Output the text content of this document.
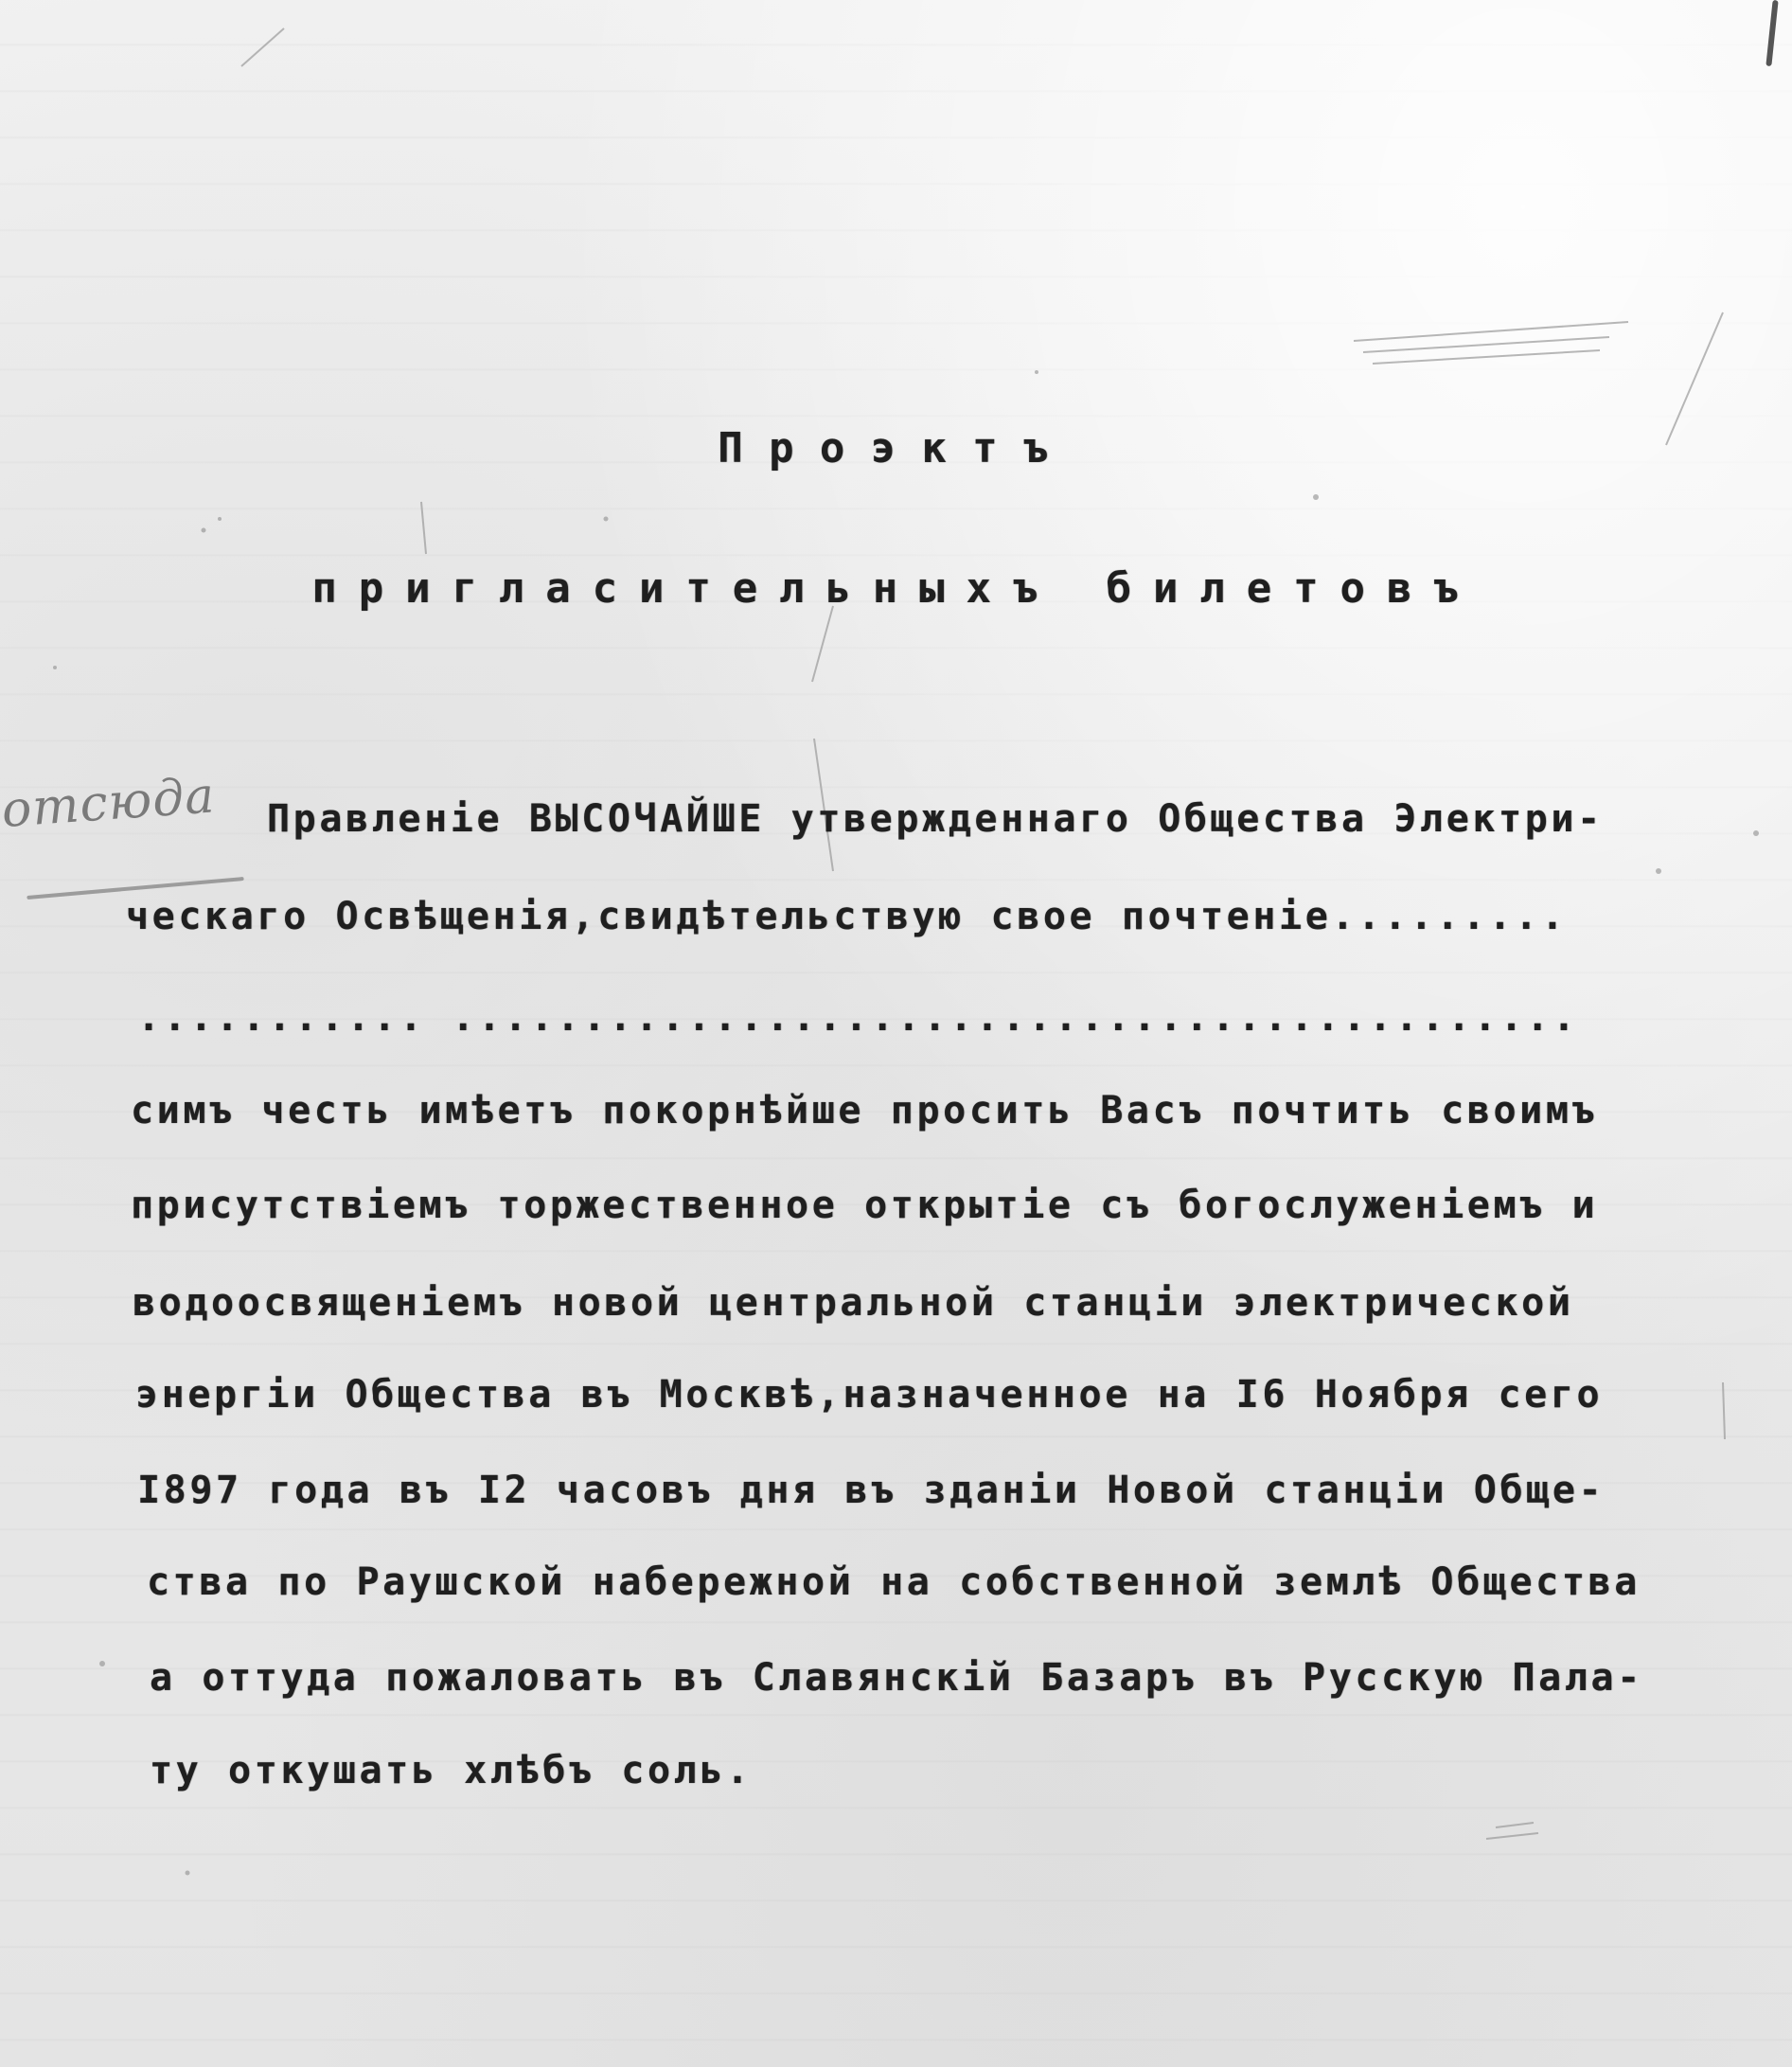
Проэктъ
пригласительныхъ билетовъ
отсюда Правленіе ВЫСОЧАЙШЕ утвержденнаго Общества Электри-
ческаго Освѣщенія,свидѣтельствую свое почтеніе.........
........... ...........................................
симъ честь имѣетъ покорнѣйше просить Васъ почтить своимъ
присутствіемъ торжественное открытіе съ богослуженіемъ и
водоосвященіемъ новой центральной станціи электрической
энергіи Общества въ Москвѣ,назначенное на I6 Ноября сего
I897 года въ I2 часовъ дня въ зданіи Новой станціи Обще-
ства по Раушской набережной на собственной землѣ Общества
а оттуда пожаловать въ Славянскій Базаръ въ Русскую Пала-
ту откушать хлѣбъ соль.
